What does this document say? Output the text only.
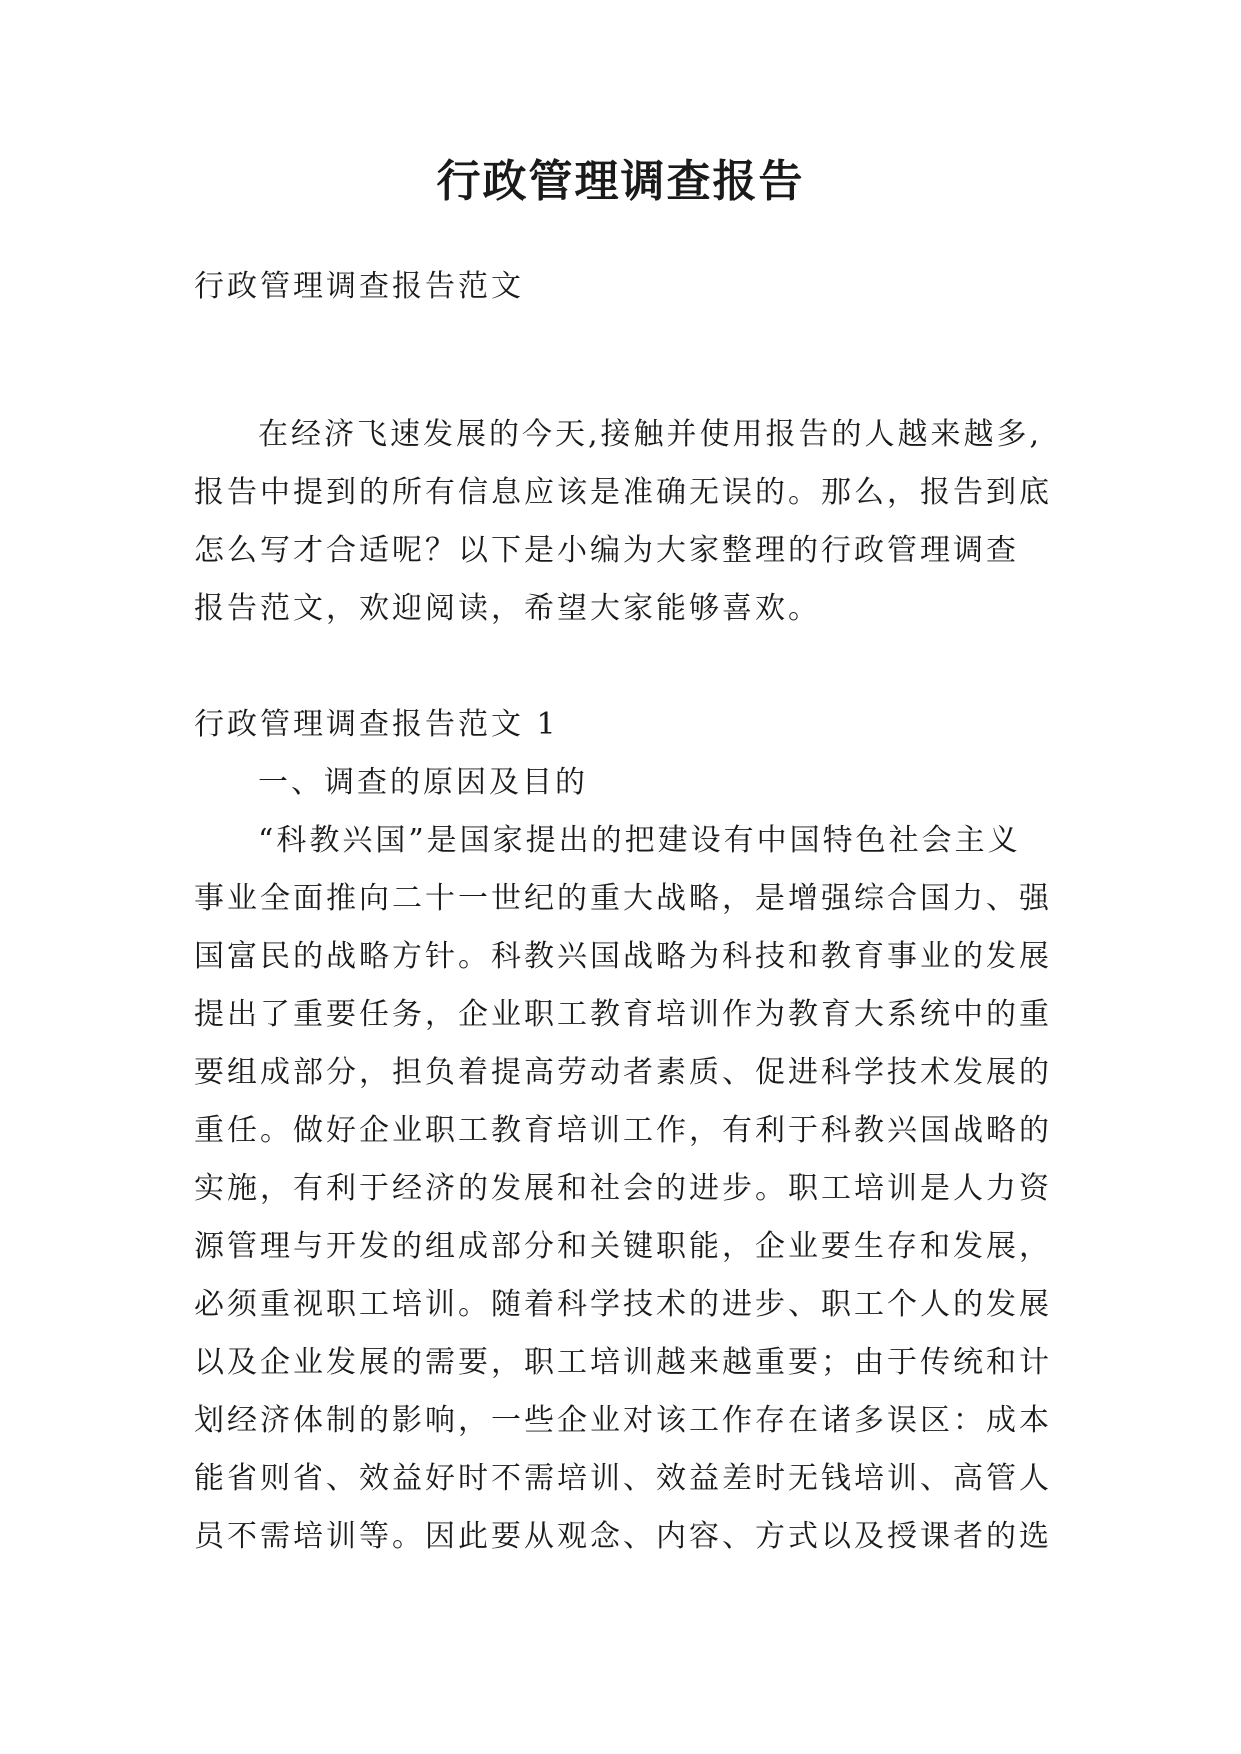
行政管理调查报告

行政管理调查报告范文

在经济飞速发展的今天,接触并使用报告的人越来越多,
报告中提到的所有信息应该是准确无误的。那么，报告到底
怎么写才合适呢？以下是小编为大家整理的行政管理调查
报告范文，欢迎阅读，希望大家能够喜欢。

行政管理调查报告范文 1

一、调查的原因及目的

“科教兴国”是国家提出的把建设有中国特色社会主义
事业全面推向二十一世纪的重大战略，是增强综合国力、强
国富民的战略方针。科教兴国战略为科技和教育事业的发展
提出了重要任务，企业职工教育培训作为教育大系统中的重
要组成部分，担负着提高劳动者素质、促进科学技术发展的
重任。做好企业职工教育培训工作，有利于科教兴国战略的
实施，有利于经济的发展和社会的进步。职工培训是人力资
源管理与开发的组成部分和关键职能，企业要生存和发展，
必须重视职工培训。随着科学技术的进步、职工个人的发展
以及企业发展的需要，职工培训越来越重要；由于传统和计
划经济体制的影响，一些企业对该工作存在诸多误区：成本
能省则省、效益好时不需培训、效益差时无钱培训、高管人
员不需培训等。因此要从观念、内容、方式以及授课者的选
